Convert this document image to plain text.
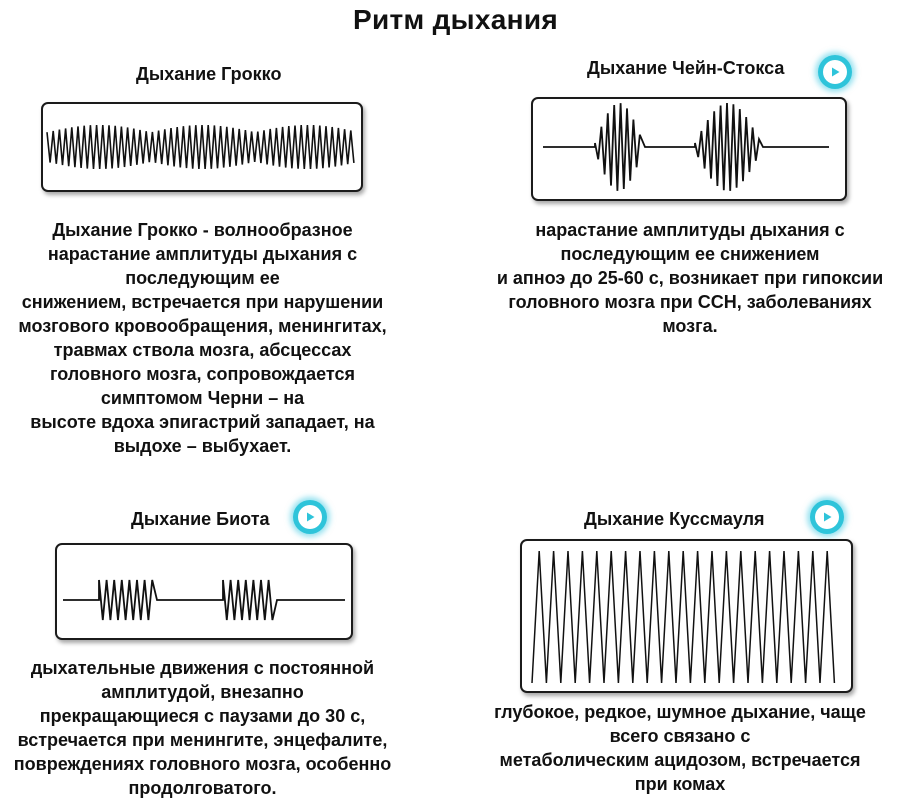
Ритм дыхания
Дыхание Грокко
Дыхание Грокко - волнообразное
нарастание амплитуды дыхания с
последующим ее
снижением, встречается при нарушении
мозгового кровообращения, менингитах,
травмах ствола мозга, абсцессах
головного мозга, сопровождается
симптомом Черни – на
высоте вдоха эпигастрий западает, на
выдохе – выбухает.
Дыхание Чейн-Стокса
нарастание амплитуды дыхания с
последующим ее снижением
и апноэ до 25-60 с, возникает при гипоксии
головного мозга при ССН, заболеваниях
мозга.
Дыхание Биота
дыхательные движения с постоянной
амплитудой, внезапно
прекращающиеся с паузами до 30 с,
встречается при менингите, энцефалите,
повреждениях головного мозга, особенно
продолговатого.
Дыхание Куссмауля
глубокое, редкое, шумное дыхание, чаще
всего связано с
метаболическим ацидозом, встречается
при комах
